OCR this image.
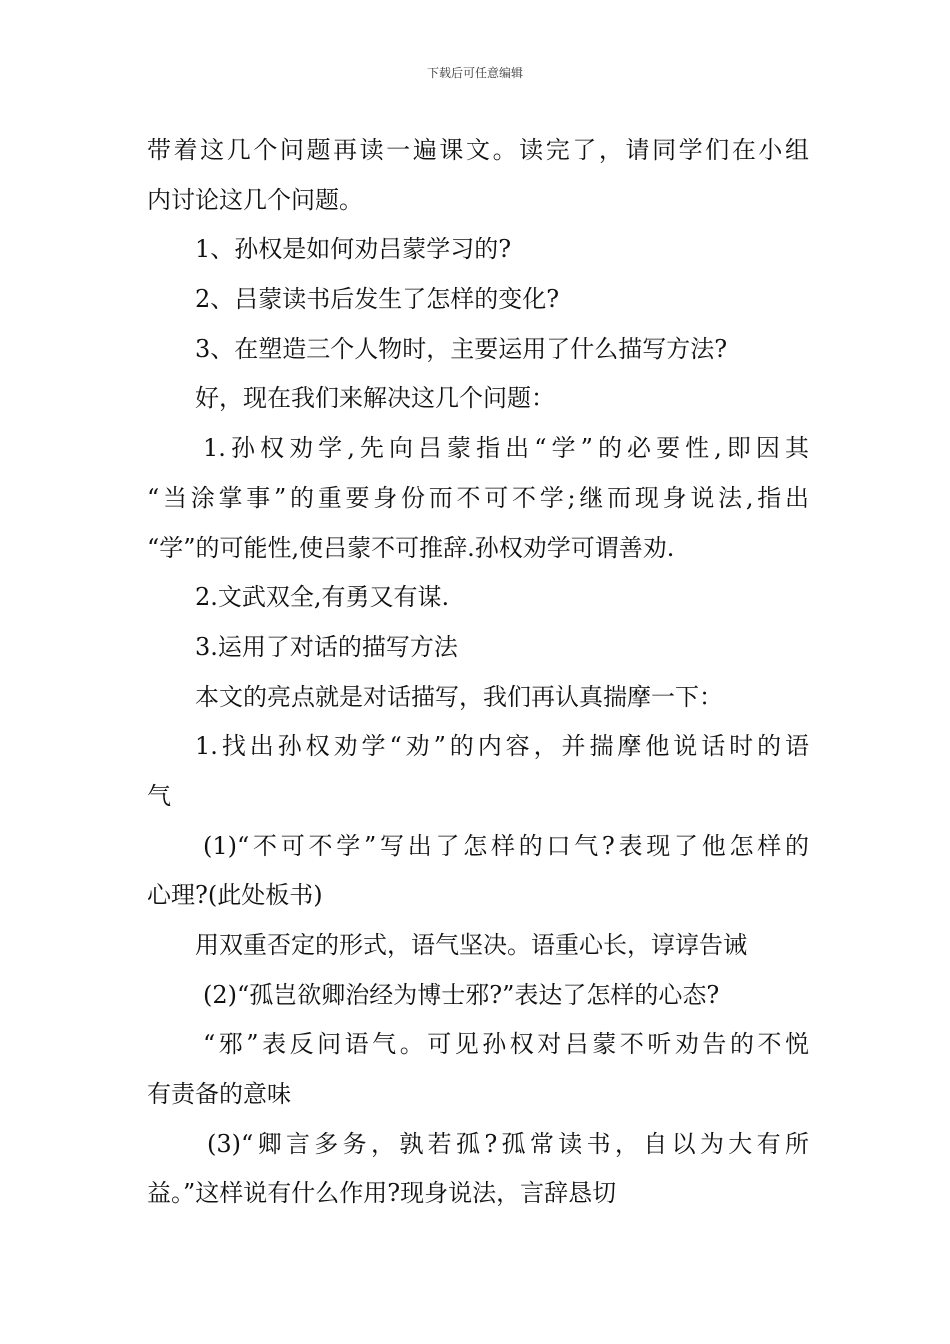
下载后可任意编辑
带着这几个问题再读一遍课文。读完了，请同学们在小组
内讨论这几个问题。
1、孙权是如何劝吕蒙学习的?
2、吕蒙读书后发生了怎样的变化?
3、在塑造三个人物时，主要运用了什么描写方法?
好，现在我们来解决这几个问题：
1.孙权劝学,先向吕蒙指出“学”的必要性,即因其
“当涂掌事”的重要身份而不可不学;继而现身说法,指出
“学”的可能性,使吕蒙不可推辞.孙权劝学可谓善劝.
2.文武双全,有勇又有谋.
3.运用了对话的描写方法
本文的亮点就是对话描写，我们再认真揣摩一下：
1.找出孙权劝学“劝”的内容，并揣摩他说话时的语
气
(1)“不可不学”写出了怎样的口气?表现了他怎样的
心理?(此处板书)
用双重否定的形式，语气坚决。语重心长，谆谆告诫
(2)“孤岂欲卿治经为博士邪?”表达了怎样的心态?
“邪”表反问语气。可见孙权对吕蒙不听劝告的不悦
有责备的意味
(3)“卿言多务，孰若孤?孤常读书，自以为大有所
益。”这样说有什么作用?现身说法，言辞恳切
